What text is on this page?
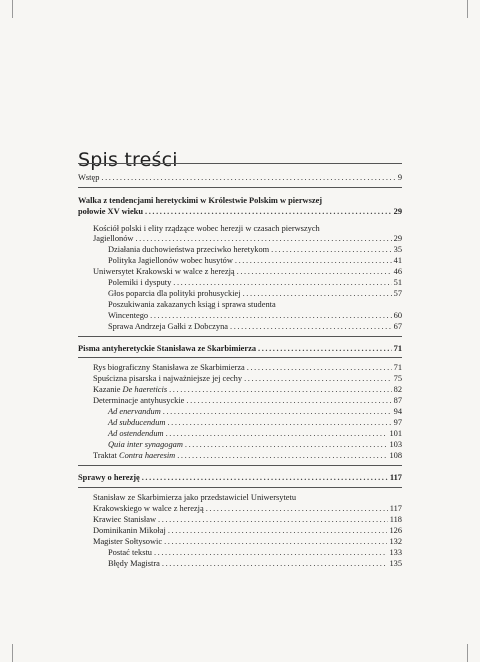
Spis treści
Wstęp .....	9
Walka z tendencjami heretyckimi w Królestwie Polskim w pierwszej
połowie XV wieku .....	29
Kościół polski i elity rządzące wobec herezji w czasach pierwszych
Jagiellonów .....	29
Działania duchowieństwa przeciwko heretykom .....	35
Polityka Jagiellonów wobec husytów .....	41
Uniwersytet Krakowski w walce z herezją .....	46
Polemiki i dysputy .....	51
Głos poparcia dla polityki prohusyckiej .....	57
Poszukiwania zakazanych ksiąg i sprawa studenta
Wincentego .....	60
Sprawa Andrzeja Gałki z Dobczyna .....	67
Pisma antyheretyckie Stanisława ze Skarbimierza .....	71
Rys biograficzny Stanisława ze Skarbimierza .....	71
Spuścizna pisarska i najważniejsze jej cechy .....	75
Kazanie De haereticis .....	82
Determinacje antyhusyckie .....	87
Ad enervandum .....	94
Ad subducendum .....	97
Ad ostendendum .....	101
Quia inter synagogam .....	103
Traktat Contra haeresim .....	108
Sprawy o herezję .....	117
Stanisław ze Skarbimierza jako przedstawiciel Uniwersytetu
Krakowskiego w walce z herezją .....	117
Krawiec Stanisław .....	118
Dominikanin Mikołaj .....	126
Magister Sołtysowic .....	132
Postać tekstu .....	133
Błędy Magistra .....	135
